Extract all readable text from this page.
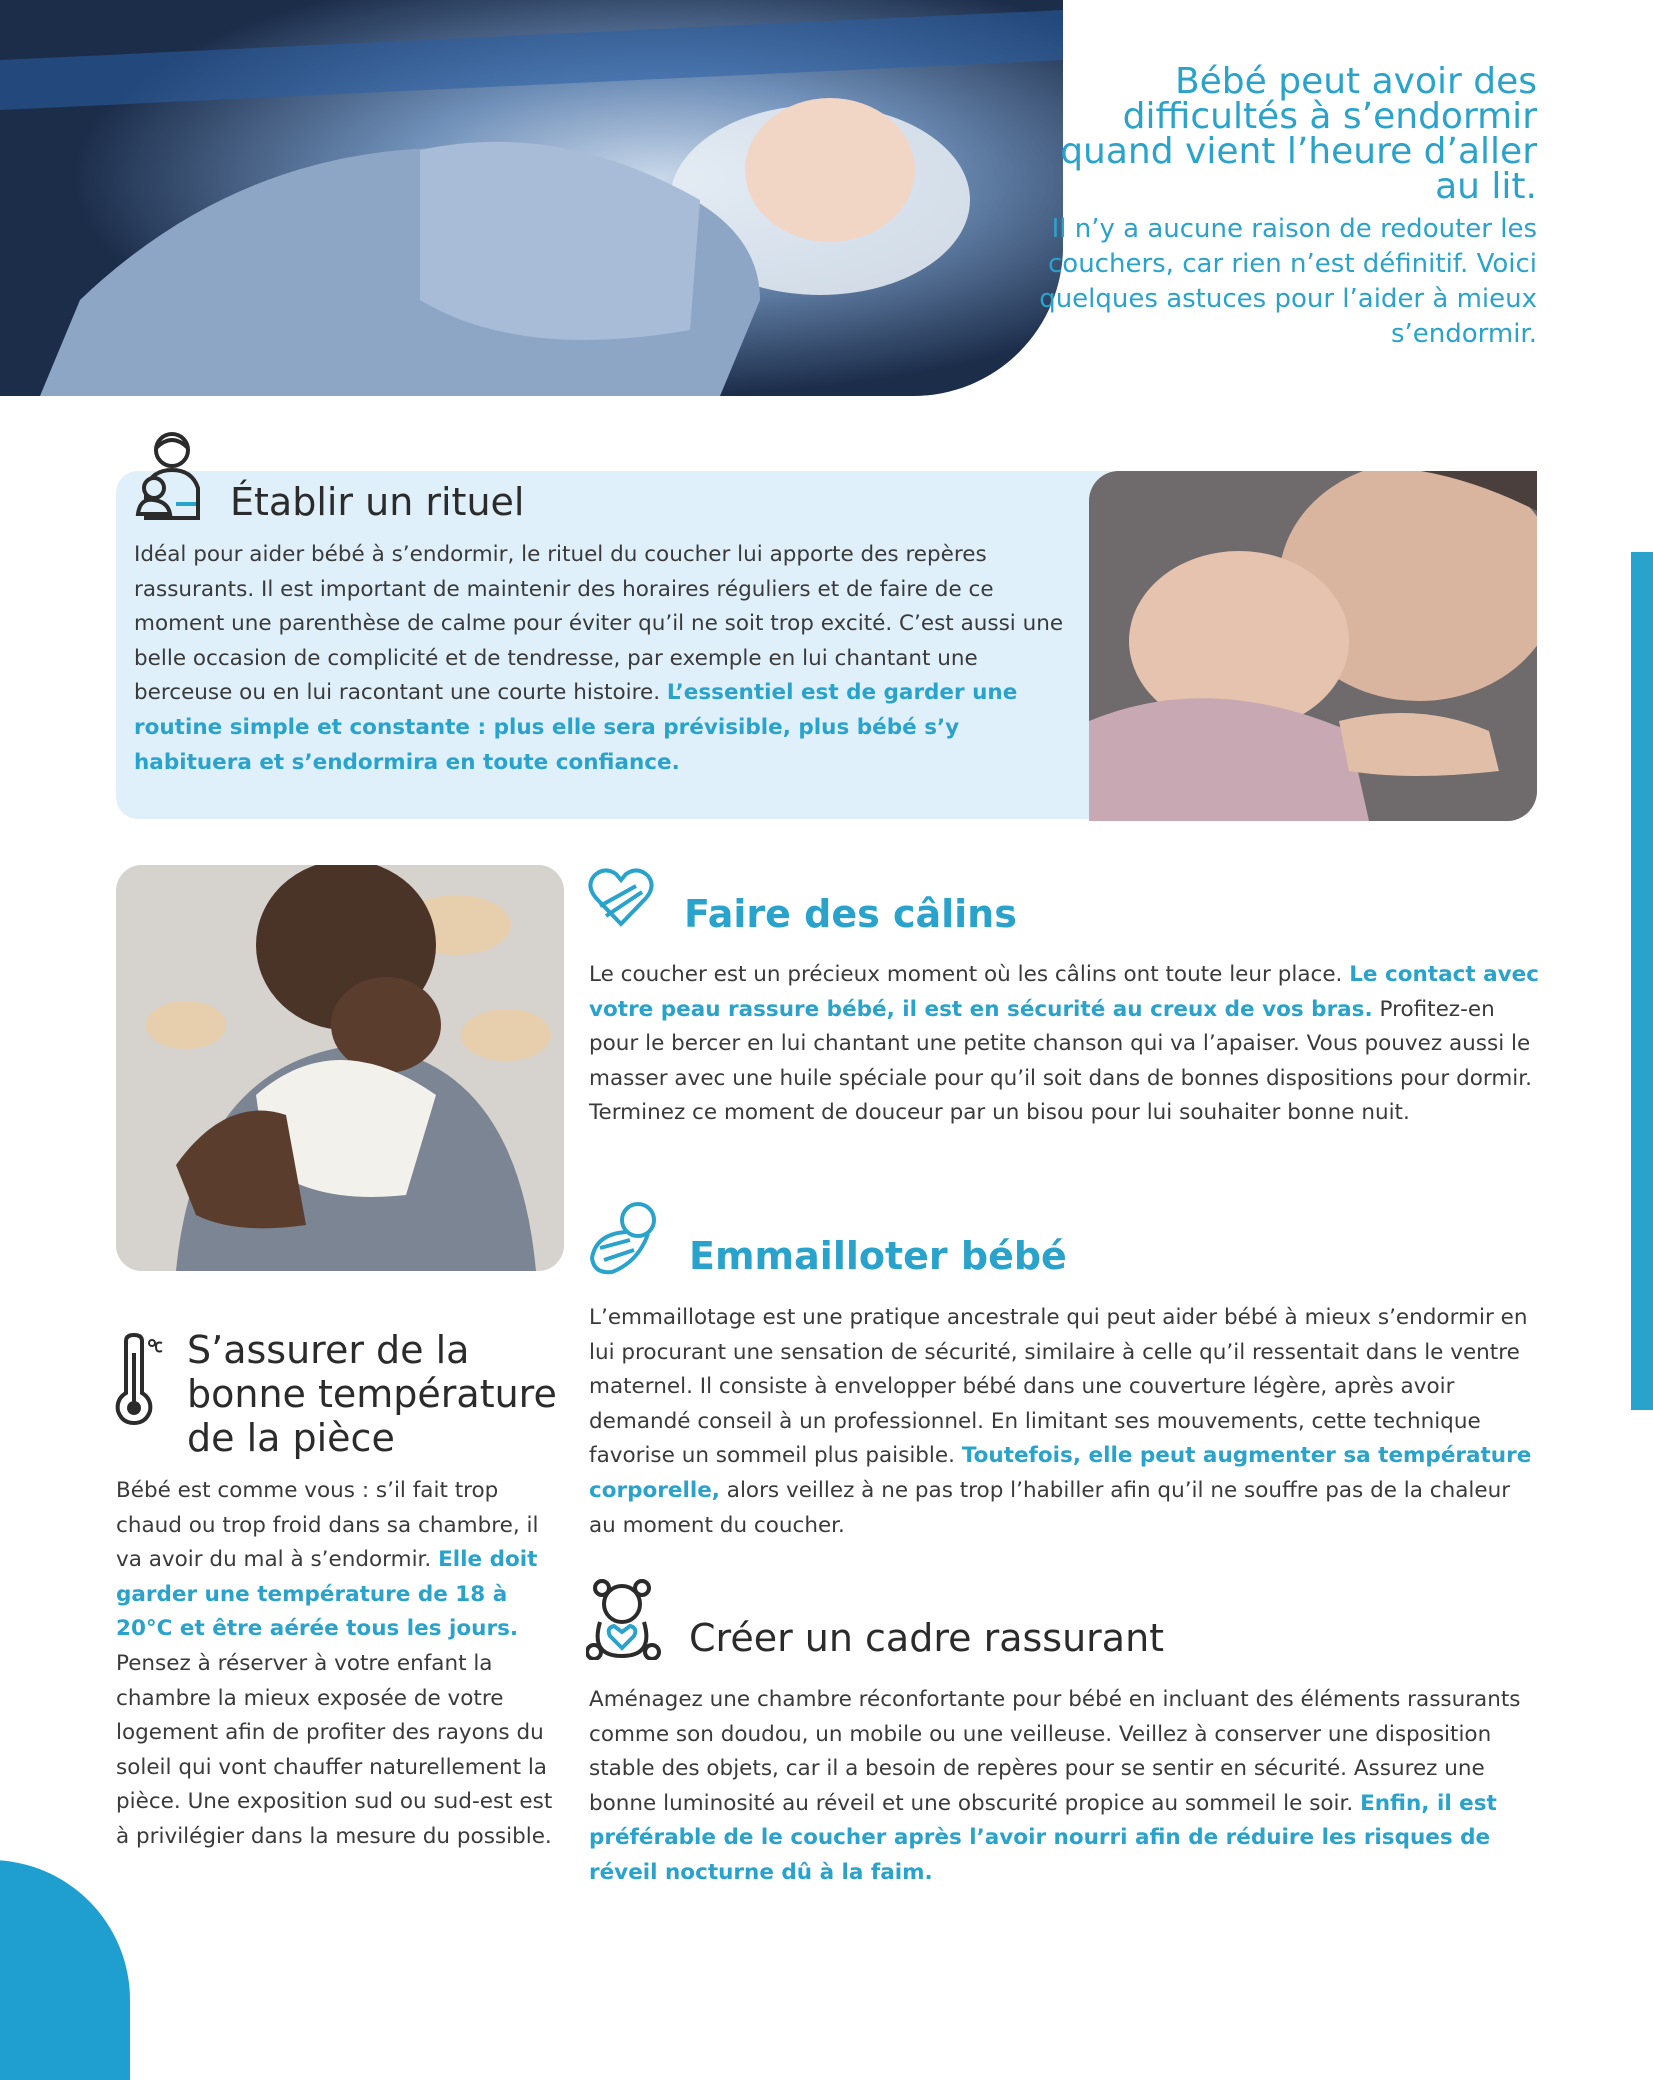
Bébé peut avoir des difficultés à s’endormir quand vient l’heure d’aller au lit.
Il n’y a aucune raison de redouter les couchers, car rien n’est définitif. Voici quelques astuces pour l’aider à mieux s’endormir.
Établir un rituel
Idéal pour aider bébé à s’endormir, le rituel du coucher lui apporte des repères rassurants. Il est important de maintenir des horaires réguliers et de faire de ce moment une parenthèse de calme pour éviter qu’il ne soit trop excité. C’est aussi une belle occasion de complicité et de tendresse, par exemple en lui chantant une berceuse ou en lui racontant une courte histoire. L’essentiel est de garder une routine simple et constante : plus elle sera prévisible, plus bébé s’y habituera et s’endormira en toute confiance.
Faire des câlins
Le coucher est un précieux moment où les câlins ont toute leur place. Le contact avec votre peau rassure bébé, il est en sécurité au creux de vos bras. Profitez-en pour le bercer en lui chantant une petite chanson qui va l’apaiser. Vous pouvez aussi le masser avec une huile spéciale pour qu’il soit dans de bonnes dispositions pour dormir. Terminez ce moment de douceur par un bisou pour lui souhaiter bonne nuit.
Emmailloter bébé
L’emmaillotage est une pratique ancestrale qui peut aider bébé à mieux s’endormir en lui procurant une sensation de sécurité, similaire à celle qu’il ressentait dans le ventre maternel. Il consiste à envelopper bébé dans une couverture légère, après avoir demandé conseil à un professionnel. En limitant ses mouvements, cette technique favorise un sommeil plus paisible. Toutefois, elle peut augmenter sa température corporelle, alors veillez à ne pas trop l’habiller afin qu’il ne souffre pas de la chaleur au moment du coucher.
S’assurer de la bonne température de la pièce
Bébé est comme vous : s’il fait trop chaud ou trop froid dans sa chambre, il va avoir du mal à s’endormir. Elle doit garder une température de 18 à 20°C et être aérée tous les jours. Pensez à réserver à votre enfant la chambre la mieux exposée de votre logement afin de profiter des rayons du soleil qui vont chauffer naturellement la pièce. Une exposition sud ou sud-est est à privilégier dans la mesure du possible.
Créer un cadre rassurant
Aménagez une chambre réconfortante pour bébé en incluant des éléments rassurants comme son doudou, un mobile ou une veilleuse. Veillez à conserver une disposition stable des objets, car il a besoin de repères pour se sentir en sécurité. Assurez une bonne luminosité au réveil et une obscurité propice au sommeil le soir. Enfin, il est préférable de le coucher après l’avoir nourri afin de réduire les risques de réveil nocturne dû à la faim.
